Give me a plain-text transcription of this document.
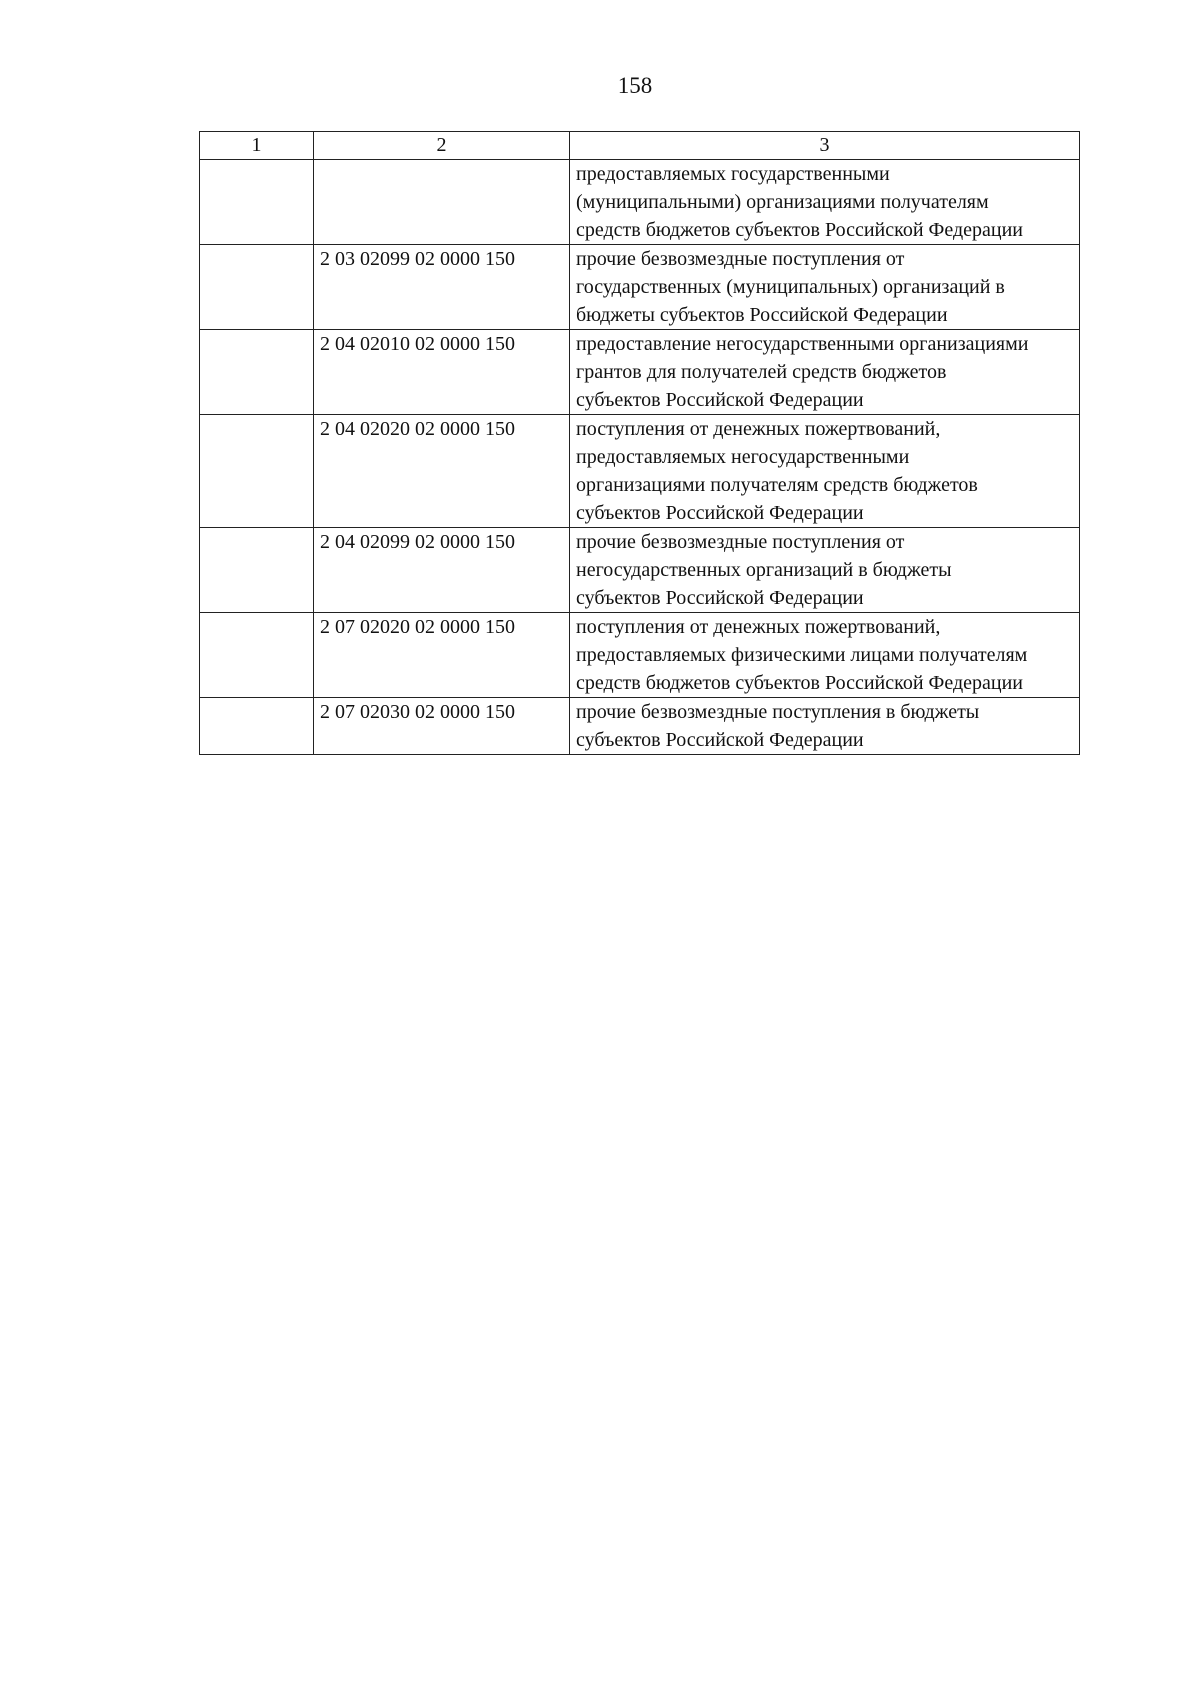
158
1	2	3

		предоставляемых государственными
(муниципальными) организациями получателям
средств бюджетов субъектов Российской Федерации

	2 03 02099 02 0000 150	прочие безвозмездные поступления от
государственных (муниципальных) организаций в
бюджеты субъектов Российской Федерации

	2 04 02010 02 0000 150	предоставление негосударственными организациями
грантов для получателей средств бюджетов
субъектов Российской Федерации

	2 04 02020 02 0000 150	поступления от денежных пожертвований,
предоставляемых негосударственными
организациями получателям средств бюджетов
субъектов Российской Федерации

	2 04 02099 02 0000 150	прочие безвозмездные поступления от
негосударственных организаций в бюджеты
субъектов Российской Федерации

	2 07 02020 02 0000 150	поступления от денежных пожертвований,
предоставляемых физическими лицами получателям
средств бюджетов субъектов Российской Федерации

	2 07 02030 02 0000 150	прочие безвозмездные поступления в бюджеты
субъектов Российской Федерации
